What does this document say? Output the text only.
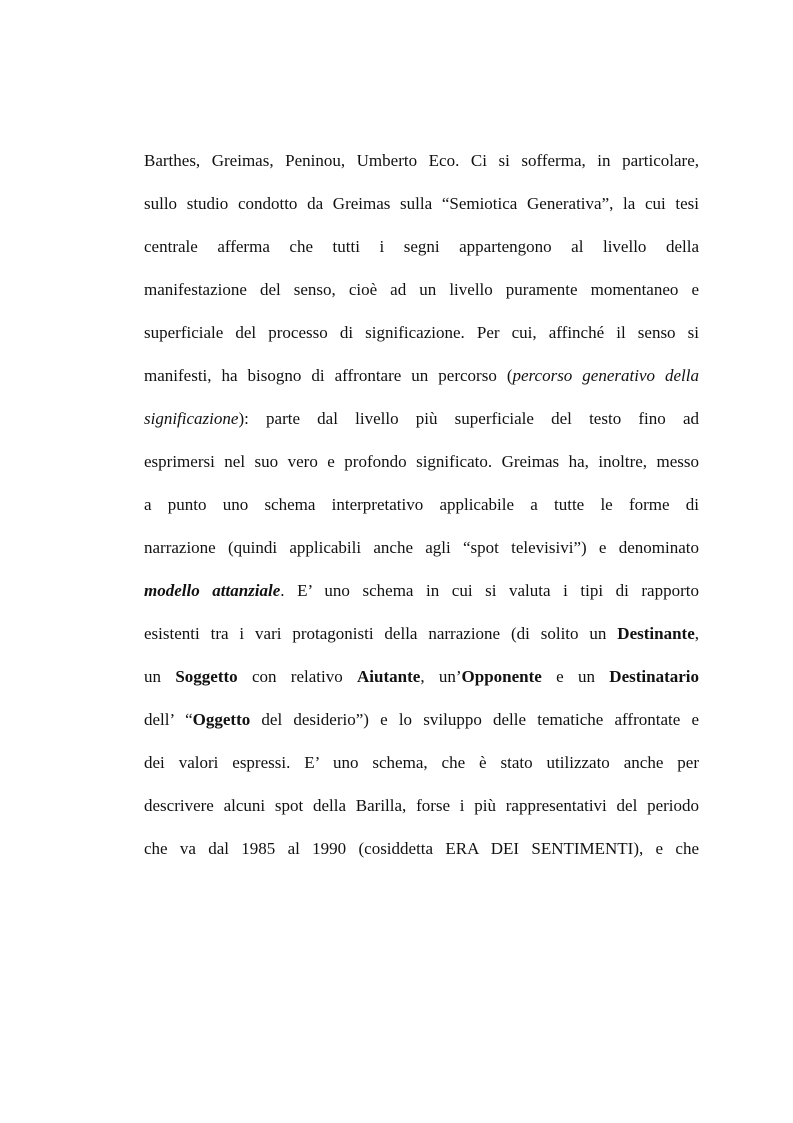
Barthes, Greimas, Peninou, Umberto Eco. Ci si sofferma, in particolare,
sullo studio condotto da Greimas sulla “Semiotica Generativa”, la cui tesi
centrale afferma che tutti i segni appartengono al livello della
manifestazione del senso, cioè ad un livello puramente momentaneo e
superficiale del processo di significazione. Per cui, affinché il senso si
manifesti, ha bisogno di affrontare un percorso (percorso generativo della
significazione): parte dal livello più superficiale del testo fino ad
esprimersi nel suo vero e profondo significato. Greimas ha, inoltre, messo
a punto uno schema interpretativo applicabile a tutte le forme di
narrazione (quindi applicabili anche agli “spot televisivi”) e denominato
modello attanziale. E’ uno schema in cui si valuta i tipi di rapporto
esistenti tra i vari protagonisti della narrazione (di solito un Destinante,
un Soggetto con relativo Aiutante, un’Opponente e un Destinatario
dell’ “Oggetto del desiderio”) e lo sviluppo delle tematiche affrontate e
dei valori espressi. E’ uno schema, che è stato utilizzato anche per
descrivere alcuni spot della Barilla, forse i più rappresentativi del periodo
che va dal 1985 al 1990 (cosiddetta ERA DEI SENTIMENTI), e che
